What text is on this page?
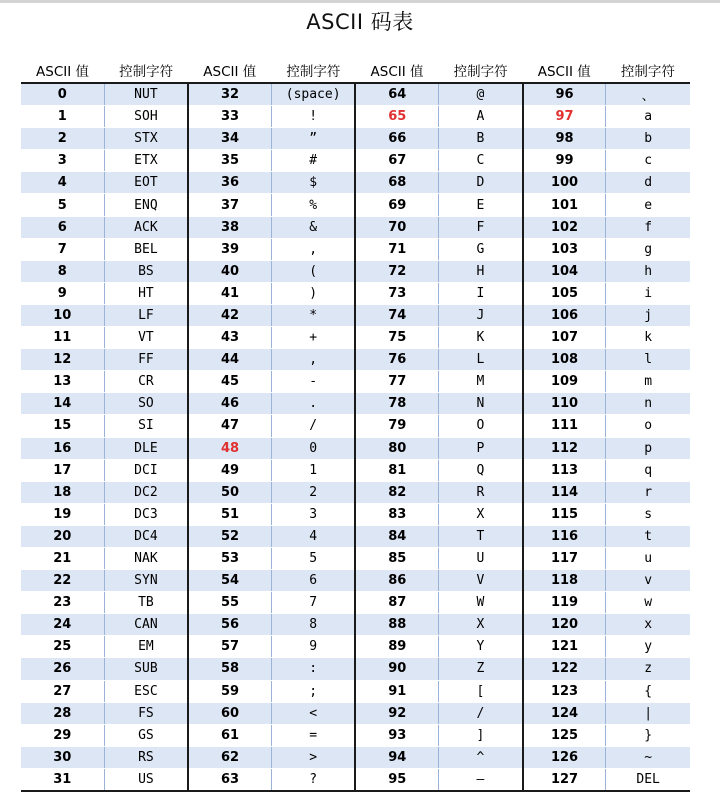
ASCII 码表
ASCII 值	控制字符	ASCII 值	控制字符	ASCII 值	控制字符	ASCII 值	控制字符
0	NUT	32	(space)	64	@	96	、
1	SOH	33	!	65	A	97	a
2	STX	34	”	66	B	98	b
3	ETX	35	#	67	C	99	c
4	EOT	36	$	68	D	100	d
5	ENQ	37	%	69	E	101	e
6	ACK	38	&	70	F	102	f
7	BEL	39	,	71	G	103	g
8	BS	40	(	72	H	104	h
9	HT	41	)	73	I	105	i
10	LF	42	*	74	J	106	j
11	VT	43	+	75	K	107	k
12	FF	44	,	76	L	108	l
13	CR	45	-	77	M	109	m
14	SO	46	.	78	N	110	n
15	SI	47	/	79	O	111	o
16	DLE	48	0	80	P	112	p
17	DCI	49	1	81	Q	113	q
18	DC2	50	2	82	R	114	r
19	DC3	51	3	83	X	115	s
20	DC4	52	4	84	T	116	t
21	NAK	53	5	85	U	117	u
22	SYN	54	6	86	V	118	v
23	TB	55	7	87	W	119	w
24	CAN	56	8	88	X	120	x
25	EM	57	9	89	Y	121	y
26	SUB	58	:	90	Z	122	z
27	ESC	59	;	91	[	123	{
28	FS	60	<	92	/	124	|
29	GS	61	=	93	]	125	}
30	RS	62	>	94	^	126	~
31	US	63	?	95	—	127	DEL
